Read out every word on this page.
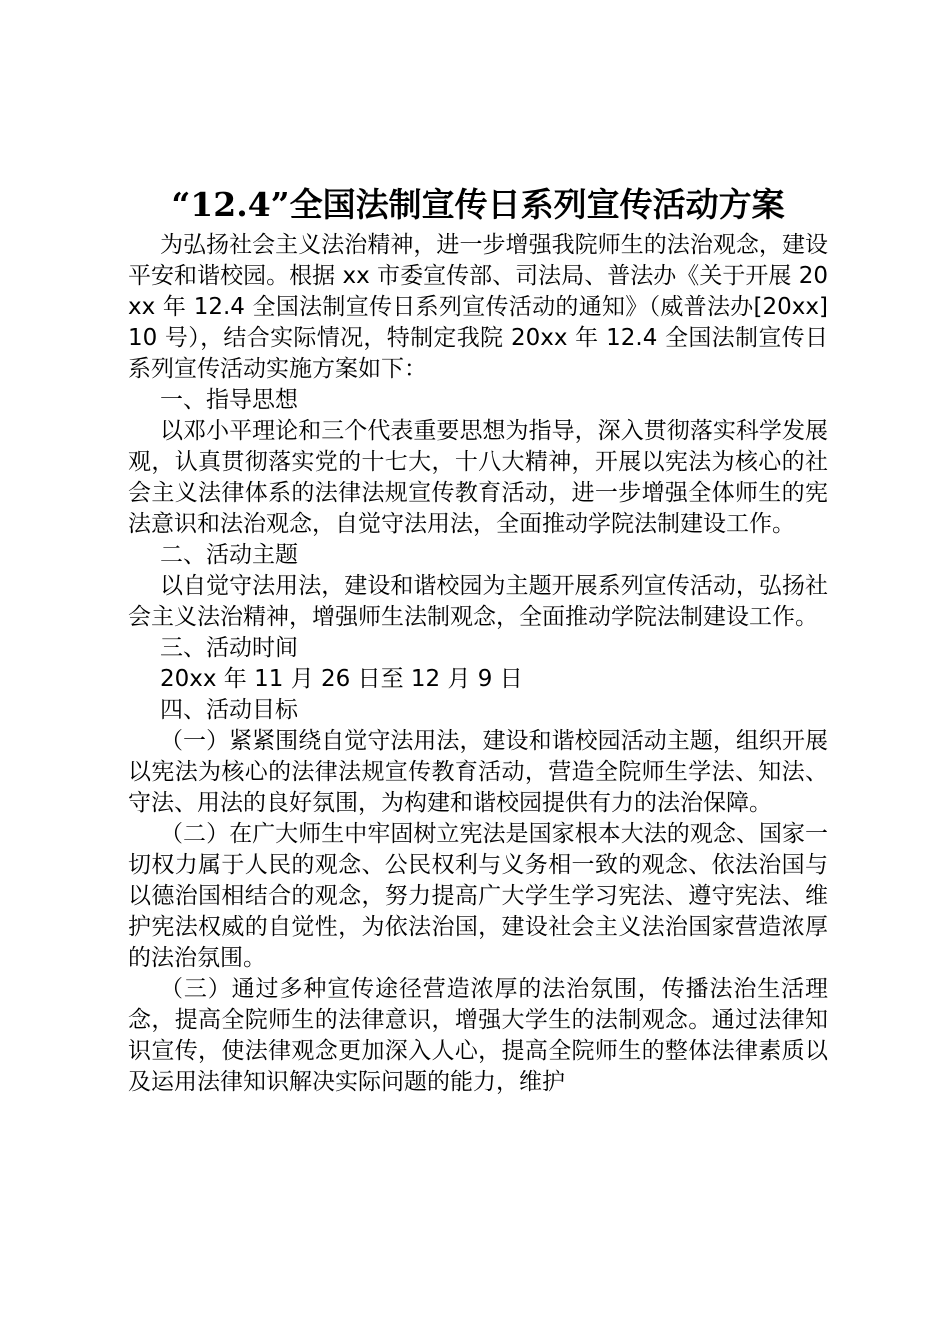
“12.4”全国法制宣传日系列宣传活动方案

为弘扬社会主义法治精神，进一步增强我院师生的法治观念，建设平安和谐校园。根据 xx 市委宣传部、司法局、普法办《关于开展 20xx 年 12.4 全国法制宣传日系列宣传活动的通知》（威普法办[20xx]10 号），结合实际情况，特制定我院 20xx 年 12.4 全国法制宣传日系列宣传活动实施方案如下：

一、指导思想

以邓小平理论和三个代表重要思想为指导，深入贯彻落实科学发展观，认真贯彻落实党的十七大，十八大精神，开展以宪法为核心的社会主义法律体系的法律法规宣传教育活动，进一步增强全体师生的宪法意识和法治观念，自觉守法用法，全面推动学院法制建设工作。

二、活动主题

以自觉守法用法，建设和谐校园为主题开展系列宣传活动，弘扬社会主义法治精神，增强师生法制观念，全面推动学院法制建设工作。

三、活动时间

20xx 年 11 月 26 日至 12 月 9 日

四、活动目标

（一）紧紧围绕自觉守法用法，建设和谐校园活动主题，组织开展以宪法为核心的法律法规宣传教育活动，营造全院师生学法、知法、守法、用法的良好氛围，为构建和谐校园提供有力的法治保障。

（二）在广大师生中牢固树立宪法是国家根本大法的观念、国家一切权力属于人民的观念、公民权利与义务相一致的观念、依法治国与以德治国相结合的观念，努力提高广大学生学习宪法、遵守宪法、维护宪法权威的自觉性，为依法治国，建设社会主义法治国家营造浓厚的法治氛围。

（三）通过多种宣传途径营造浓厚的法治氛围，传播法治生活理念，提高全院师生的法律意识，增强大学生的法制观念。通过法律知识宣传，使法律观念更加深入人心，提高全院师生的整体法律素质以及运用法律知识解决实际问题的能力，维护
